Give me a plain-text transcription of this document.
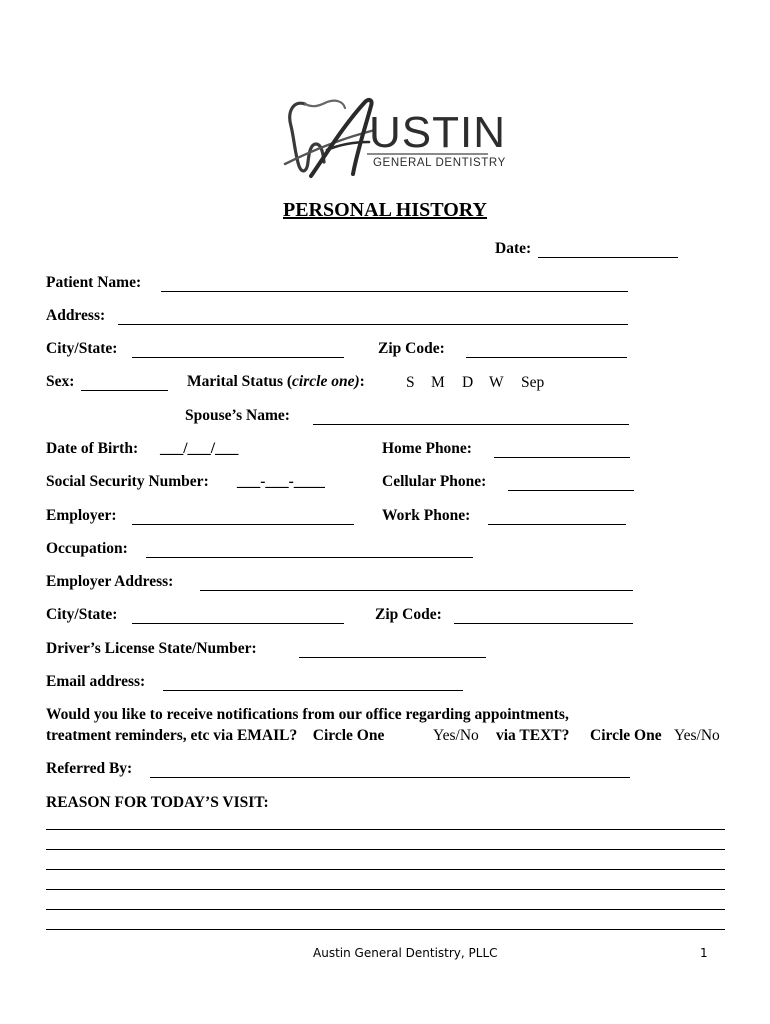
USTIN
GENERAL DENTISTRY
PERSONAL HISTORY
Date:
Patient Name:
Address:
City/State:	Zip Code:
Sex:	Marital Status (circle one):	S M D W Sep
Spouse’s Name:
Date of Birth: ___/___/___	Home Phone:
Social Security Number: ___-___-____	Cellular Phone:
Employer:	Work Phone:
Occupation:
Employer Address:
City/State:	Zip Code:
Driver’s License State/Number:
Email address:
Would you like to receive notifications from our office regarding appointments,
treatment reminders, etc via EMAIL? Circle One	Yes/No via TEXT? Circle One Yes/No
Referred By:
REASON FOR TODAY’S VISIT:
Austin General Dentistry, PLLC	1
